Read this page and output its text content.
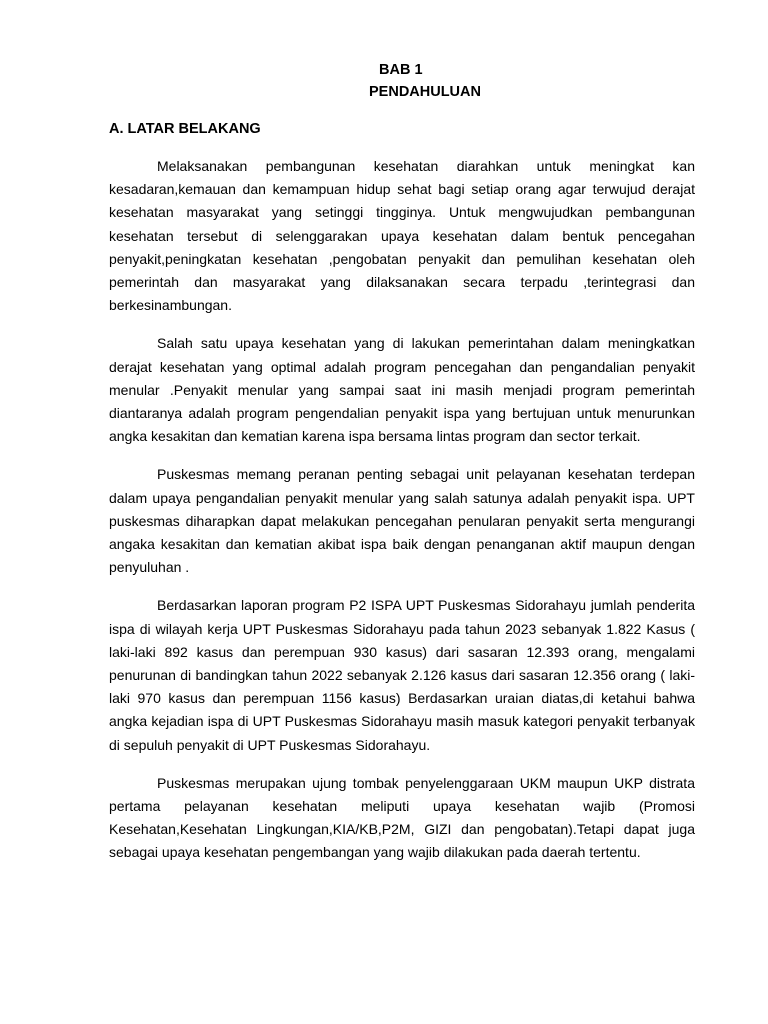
BAB 1
PENDAHULUAN
A. LATAR BELAKANG

Melaksanakan pembangunan kesehatan diarahkan untuk meningkat kan kesadaran,kemauan dan kemampuan hidup sehat bagi setiap orang agar terwujud derajat kesehatan masyarakat yang setinggi tingginya. Untuk mengwujudkan pembangunan kesehatan tersebut di selenggarakan upaya kesehatan dalam bentuk pencegahan penyakit,peningkatan kesehatan ,pengobatan penyakit dan pemulihan kesehatan oleh pemerintah dan masyarakat yang dilaksanakan secara terpadu ,terintegrasi dan berkesinambungan.

Salah satu upaya kesehatan yang di lakukan pemerintahan dalam meningkatkan derajat kesehatan yang optimal adalah program pencegahan dan pengandalian penyakit menular .Penyakit menular yang sampai saat ini masih menjadi program pemerintah diantaranya adalah program pengendalian penyakit ispa yang bertujuan untuk menurunkan angka kesakitan dan kematian karena ispa bersama lintas program dan sector terkait.

Puskesmas memang peranan penting sebagai unit pelayanan kesehatan terdepan dalam upaya pengandalian penyakit menular yang salah satunya adalah penyakit ispa. UPT puskesmas diharapkan dapat melakukan pencegahan penularan penyakit serta mengurangi angaka kesakitan dan kematian akibat ispa baik dengan penanganan aktif maupun dengan penyuluhan .

Berdasarkan laporan program P2 ISPA UPT Puskesmas Sidorahayu jumlah penderita ispa di wilayah kerja UPT Puskesmas Sidorahayu pada tahun 2023 sebanyak 1.822 Kasus ( laki-laki 892 kasus dan perempuan 930 kasus) dari sasaran 12.393 orang, mengalami penurunan di bandingkan tahun 2022 sebanyak 2.126 kasus dari sasaran 12.356 orang ( laki-laki 970 kasus dan perempuan 1156 kasus) Berdasarkan uraian diatas,di ketahui bahwa angka kejadian ispa di UPT Puskesmas Sidorahayu masih masuk kategori penyakit terbanyak di sepuluh penyakit di UPT Puskesmas Sidorahayu.

Puskesmas merupakan ujung tombak penyelenggaraan UKM maupun UKP distrata pertama pelayanan kesehatan meliputi upaya kesehatan wajib (Promosi Kesehatan,Kesehatan Lingkungan,KIA/KB,P2M, GIZI dan pengobatan).Tetapi dapat juga sebagai upaya kesehatan pengembangan yang wajib dilakukan pada daerah tertentu.
